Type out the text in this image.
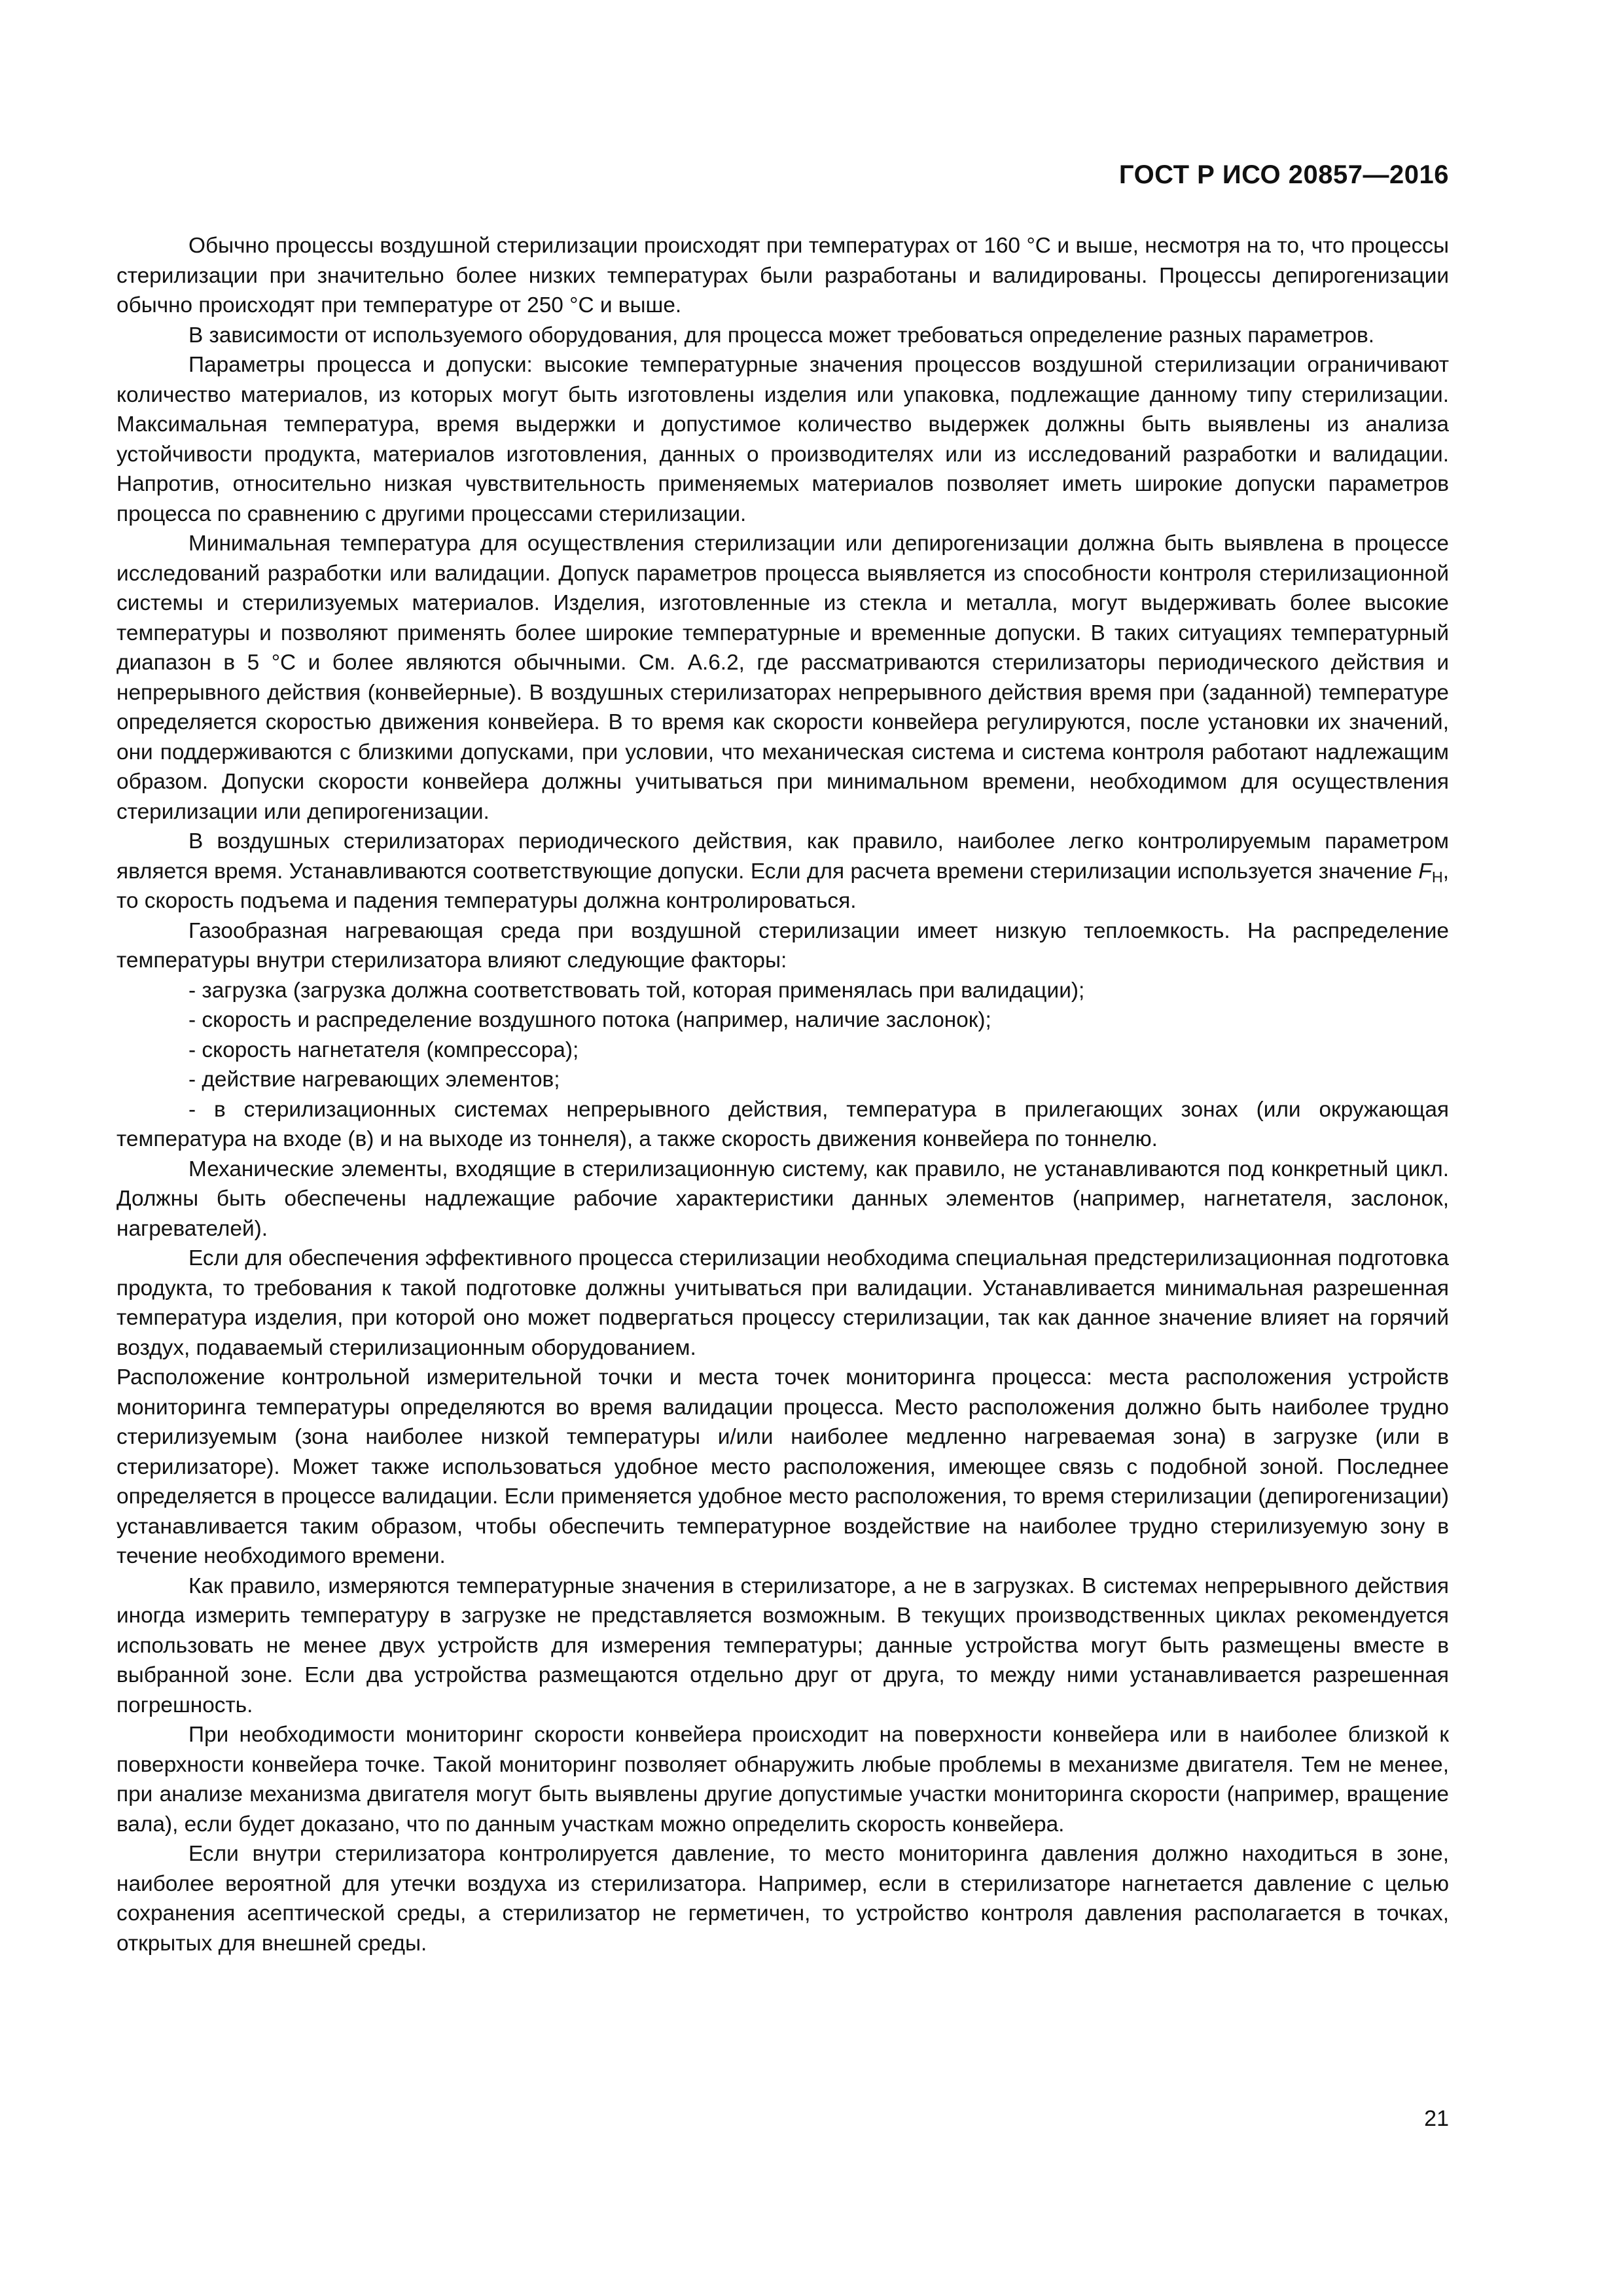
ГОСТ Р ИСО 20857—2016

Обычно процессы воздушной стерилизации происходят при температурах от 160 °С и выше, несмотря на то, что процессы стерилизации при значительно более низких температурах были разработаны и валидированы. Процессы депирогенизации обычно происходят при температуре от 250 °С и выше.

В зависимости от используемого оборудования, для процесса может требоваться определение разных параметров.

Параметры процесса и допуски: высокие температурные значения процессов воздушной стерилизации ограничивают количество материалов, из которых могут быть изготовлены изделия или упаковка, подлежащие данному типу стерилизации. Максимальная температура, время выдержки и допустимое количество выдержек должны быть выявлены из анализа устойчивости продукта, материалов изготовления, данных о производителях или из исследований разработки и валидации. Напротив, относительно низкая чувствительность применяемых материалов позволяет иметь широкие допуски параметров процесса по сравнению с другими процессами стерилизации.

Минимальная температура для осуществления стерилизации или депирогенизации должна быть выявлена в процессе исследований разработки или валидации. Допуск параметров процесса выявляется из способности контроля стерилизационной системы и стерилизуемых материалов. Изделия, изготовленные из стекла и металла, могут выдерживать более высокие температуры и позволяют применять более широкие температурные и временные допуски. В таких ситуациях температурный диапазон в 5 °С и более являются обычными. См. А.6.2, где рассматриваются стерилизаторы периодического действия и непрерывного действия (конвейерные). В воздушных стерилизаторах непрерывного действия время при (заданной) температуре определяется скоростью движения конвейера. В то время как скорости конвейера регулируются, после установки их значений, они поддерживаются с близкими допусками, при условии, что механическая система и система контроля работают надлежащим образом. Допуски скорости конвейера должны учитываться при минимальном времени, необходимом для осуществления стерилизации или депирогенизации.

В воздушных стерилизаторах периодического действия, как правило, наиболее легко контролируемым параметром является время. Устанавливаются соответствующие допуски. Если для расчета времени стерилизации используется значение $F_H$, то скорость подъема и падения температуры должна контролироваться.

Газообразная нагревающая среда при воздушной стерилизации имеет низкую теплоемкость. На распределение температуры внутри стерилизатора влияют следующие факторы:

- загрузка (загрузка должна соответствовать той, которая применялась при валидации);

- скорость и распределение воздушного потока (например, наличие заслонок);

- скорость нагнетателя (компрессора);

- действие нагревающих элементов;

- в стерилизационных системах непрерывного действия, температура в прилегающих зонах (или окружающая температура на входе (в) и на выходе из тоннеля), а также скорость движения конвейера по тоннелю.

Механические элементы, входящие в стерилизационную систему, как правило, не устанавливаются под конкретный цикл. Должны быть обеспечены надлежащие рабочие характеристики данных элементов (например, нагнетателя, заслонок, нагревателей).

Если для обеспечения эффективного процесса стерилизации необходима специальная предстерилизационная подготовка продукта, то требования к такой подготовке должны учитываться при валидации. Устанавливается минимальная разрешенная температура изделия, при которой оно может подвергаться процессу стерилизации, так как данное значение влияет на горячий воздух, подаваемый стерилизационным оборудованием.

Расположение контрольной измерительной точки и места точек мониторинга процесса: места расположения устройств мониторинга температуры определяются во время валидации процесса. Место расположения должно быть наиболее трудно стерилизуемым (зона наиболее низкой температуры и/или наиболее медленно нагреваемая зона) в загрузке (или в стерилизаторе). Может также использоваться удобное место расположения, имеющее связь с подобной зоной. Последнее определяется в процессе валидации. Если применяется удобное место расположения, то время стерилизации (депирогенизации) устанавливается таким образом, чтобы обеспечить температурное воздействие на наиболее трудно стерилизуемую зону в течение необходимого времени.

Как правило, измеряются температурные значения в стерилизаторе, а не в загрузках. В системах непрерывного действия иногда измерить температуру в загрузке не представляется возможным. В текущих производственных циклах рекомендуется использовать не менее двух устройств для измерения температуры; данные устройства могут быть размещены вместе в выбранной зоне. Если два устройства размещаются отдельно друг от друга, то между ними устанавливается разрешенная погрешность.

При необходимости мониторинг скорости конвейера происходит на поверхности конвейера или в наиболее близкой к поверхности конвейера точке. Такой мониторинг позволяет обнаружить любые проблемы в механизме двигателя. Тем не менее, при анализе механизма двигателя могут быть выявлены другие допустимые участки мониторинга скорости (например, вращение вала), если будет доказано, что по данным участкам можно определить скорость конвейера.

Если внутри стерилизатора контролируется давление, то место мониторинга давления должно находиться в зоне, наиболее вероятной для утечки воздуха из стерилизатора. Например, если в стерилизаторе нагнетается давление с целью сохранения асептической среды, а стерилизатор не герметичен, то устройство контроля давления располагается в точках, открытых для внешней среды.

21
